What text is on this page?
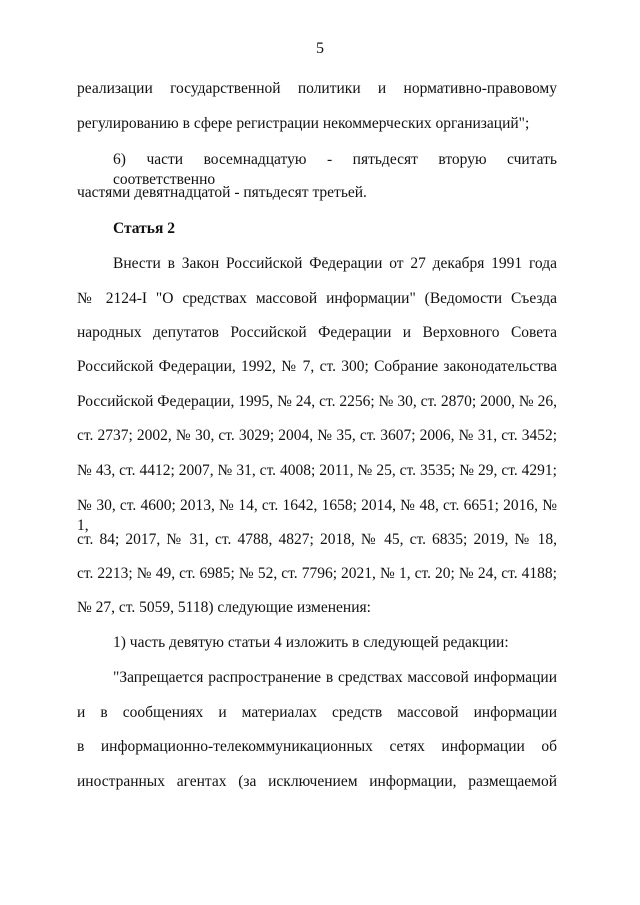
5
реализации государственной политики и нормативно-правовому
регулированию в сфере регистрации некоммерческих организаций";
6) части восемнадцатую - пятьдесят вторую считать соответственно
частями девятнадцатой - пятьдесят третьей.
Статья 2
Внести в Закон Российской Федерации от 27 декабря 1991 года
№ 2124-I "О средствах массовой информации" (Ведомости Съезда
народных депутатов Российской Федерации и Верховного Совета
Российской Федерации, 1992, № 7, ст. 300; Собрание законодательства
Российской Федерации, 1995, № 24, ст. 2256; № 30, ст. 2870; 2000, № 26,
ст. 2737; 2002, № 30, ст. 3029; 2004, № 35, ст. 3607; 2006, № 31, ст. 3452;
№ 43, ст. 4412; 2007, № 31, ст. 4008; 2011, № 25, ст. 3535; № 29, ст. 4291;
№ 30, ст. 4600; 2013, № 14, ст. 1642, 1658; 2014, № 48, ст. 6651; 2016, № 1,
ст. 84; 2017, № 31, ст. 4788, 4827; 2018, № 45, ст. 6835; 2019, № 18,
ст. 2213; № 49, ст. 6985; № 52, ст. 7796; 2021, № 1, ст. 20; № 24, ст. 4188;
№ 27, ст. 5059, 5118) следующие изменения:
1) часть девятую статьи 4 изложить в следующей редакции:
"Запрещается распространение в средствах массовой информации
и в сообщениях и материалах средств массовой информации
в информационно-телекоммуникационных сетях информации об
иностранных агентах (за исключением информации, размещаемой
